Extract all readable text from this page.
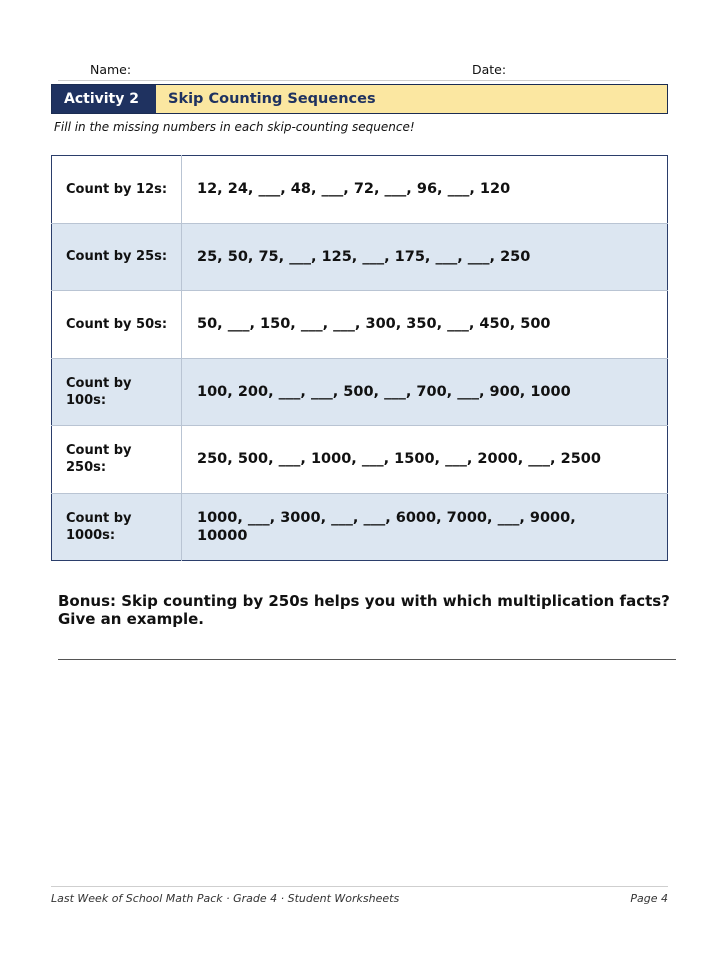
Name:	Date:
Activity 2	Skip Counting Sequences
Fill in the missing numbers in each skip-counting sequence!
Count by 12s:	12, 24, ___, 48, ___, 72, ___, 96, ___, 120
Count by 25s:	25, 50, 75, ___, 125, ___, 175, ___, ___, 250
Count by 50s:	50, ___, 150, ___, ___, 300, 350, ___, 450, 500
Count by 100s:	100, 200, ___, ___, 500, ___, 700, ___, 900, 1000
Count by 250s:	250, 500, ___, 1000, ___, 1500, ___, 2000, ___, 2500
Count by 1000s:	1000, ___, 3000, ___, ___, 6000, 7000, ___, 9000, 10000
Bonus: Skip counting by 250s helps you with which multiplication facts? Give an example.
Last Week of School Math Pack · Grade 4 · Student Worksheets	Page 4
